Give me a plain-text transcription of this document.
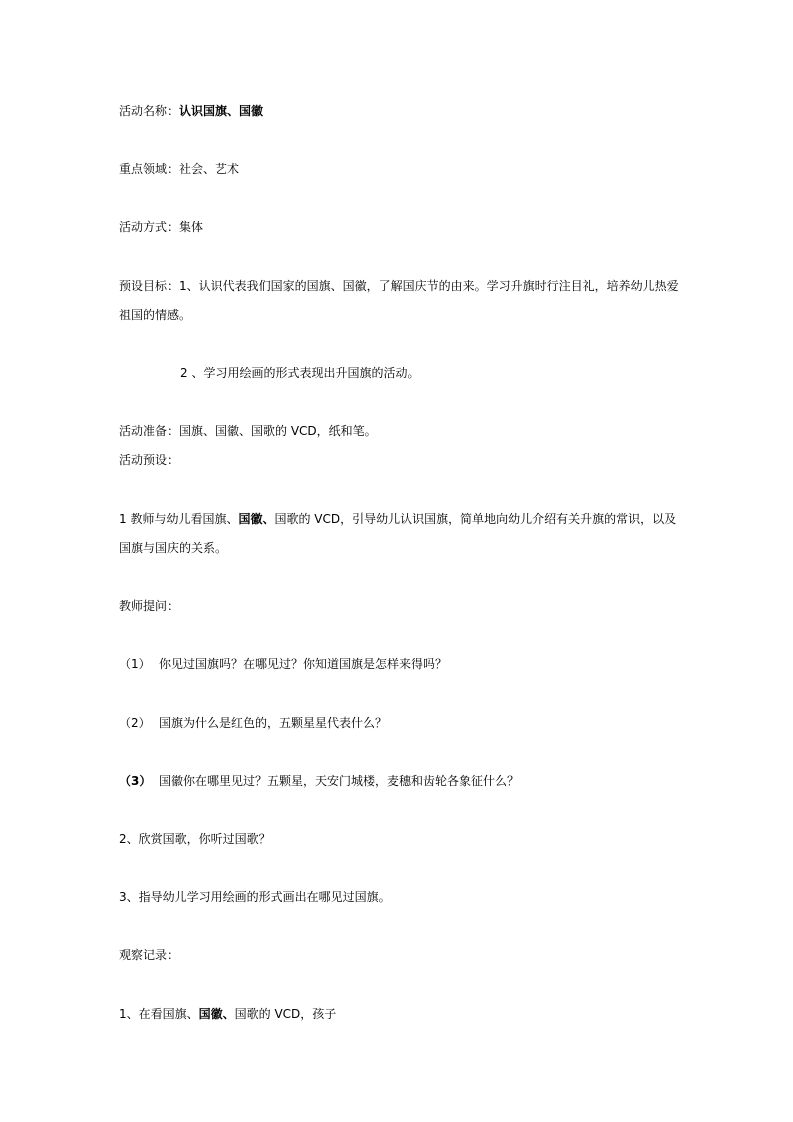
活动名称：认识国旗、国徽
重点领域：社会、艺术
活动方式：集体
预设目标：1、认识代表我们国家的国旗、国徽，了解国庆节的由来。学习升旗时行注目礼，培养幼儿热爱
祖国的情感。
2 、学习用绘画的形式表现出升国旗的活动。
活动准备：国旗、国徽、国歌的 VCD，纸和笔。
活动预设：
1 教师与幼儿看国旗、国徽、国歌的 VCD，引导幼儿认识国旗，简单地向幼儿介绍有关升旗的常识，以及
国旗与国庆的关系。
教师提问：
（1） 你见过国旗吗？在哪见过？你知道国旗是怎样来得吗？
（2） 国旗为什么是红色的，五颗星星代表什么？
（3） 国徽你在哪里见过？五颗星，天安门城楼，麦穗和齿轮各象征什么？
2、欣赏国歌，你听过国歌？
3、指导幼儿学习用绘画的形式画出在哪见过国旗。
观察记录：
1、在看国旗、国徽、国歌的 VCD，孩子
